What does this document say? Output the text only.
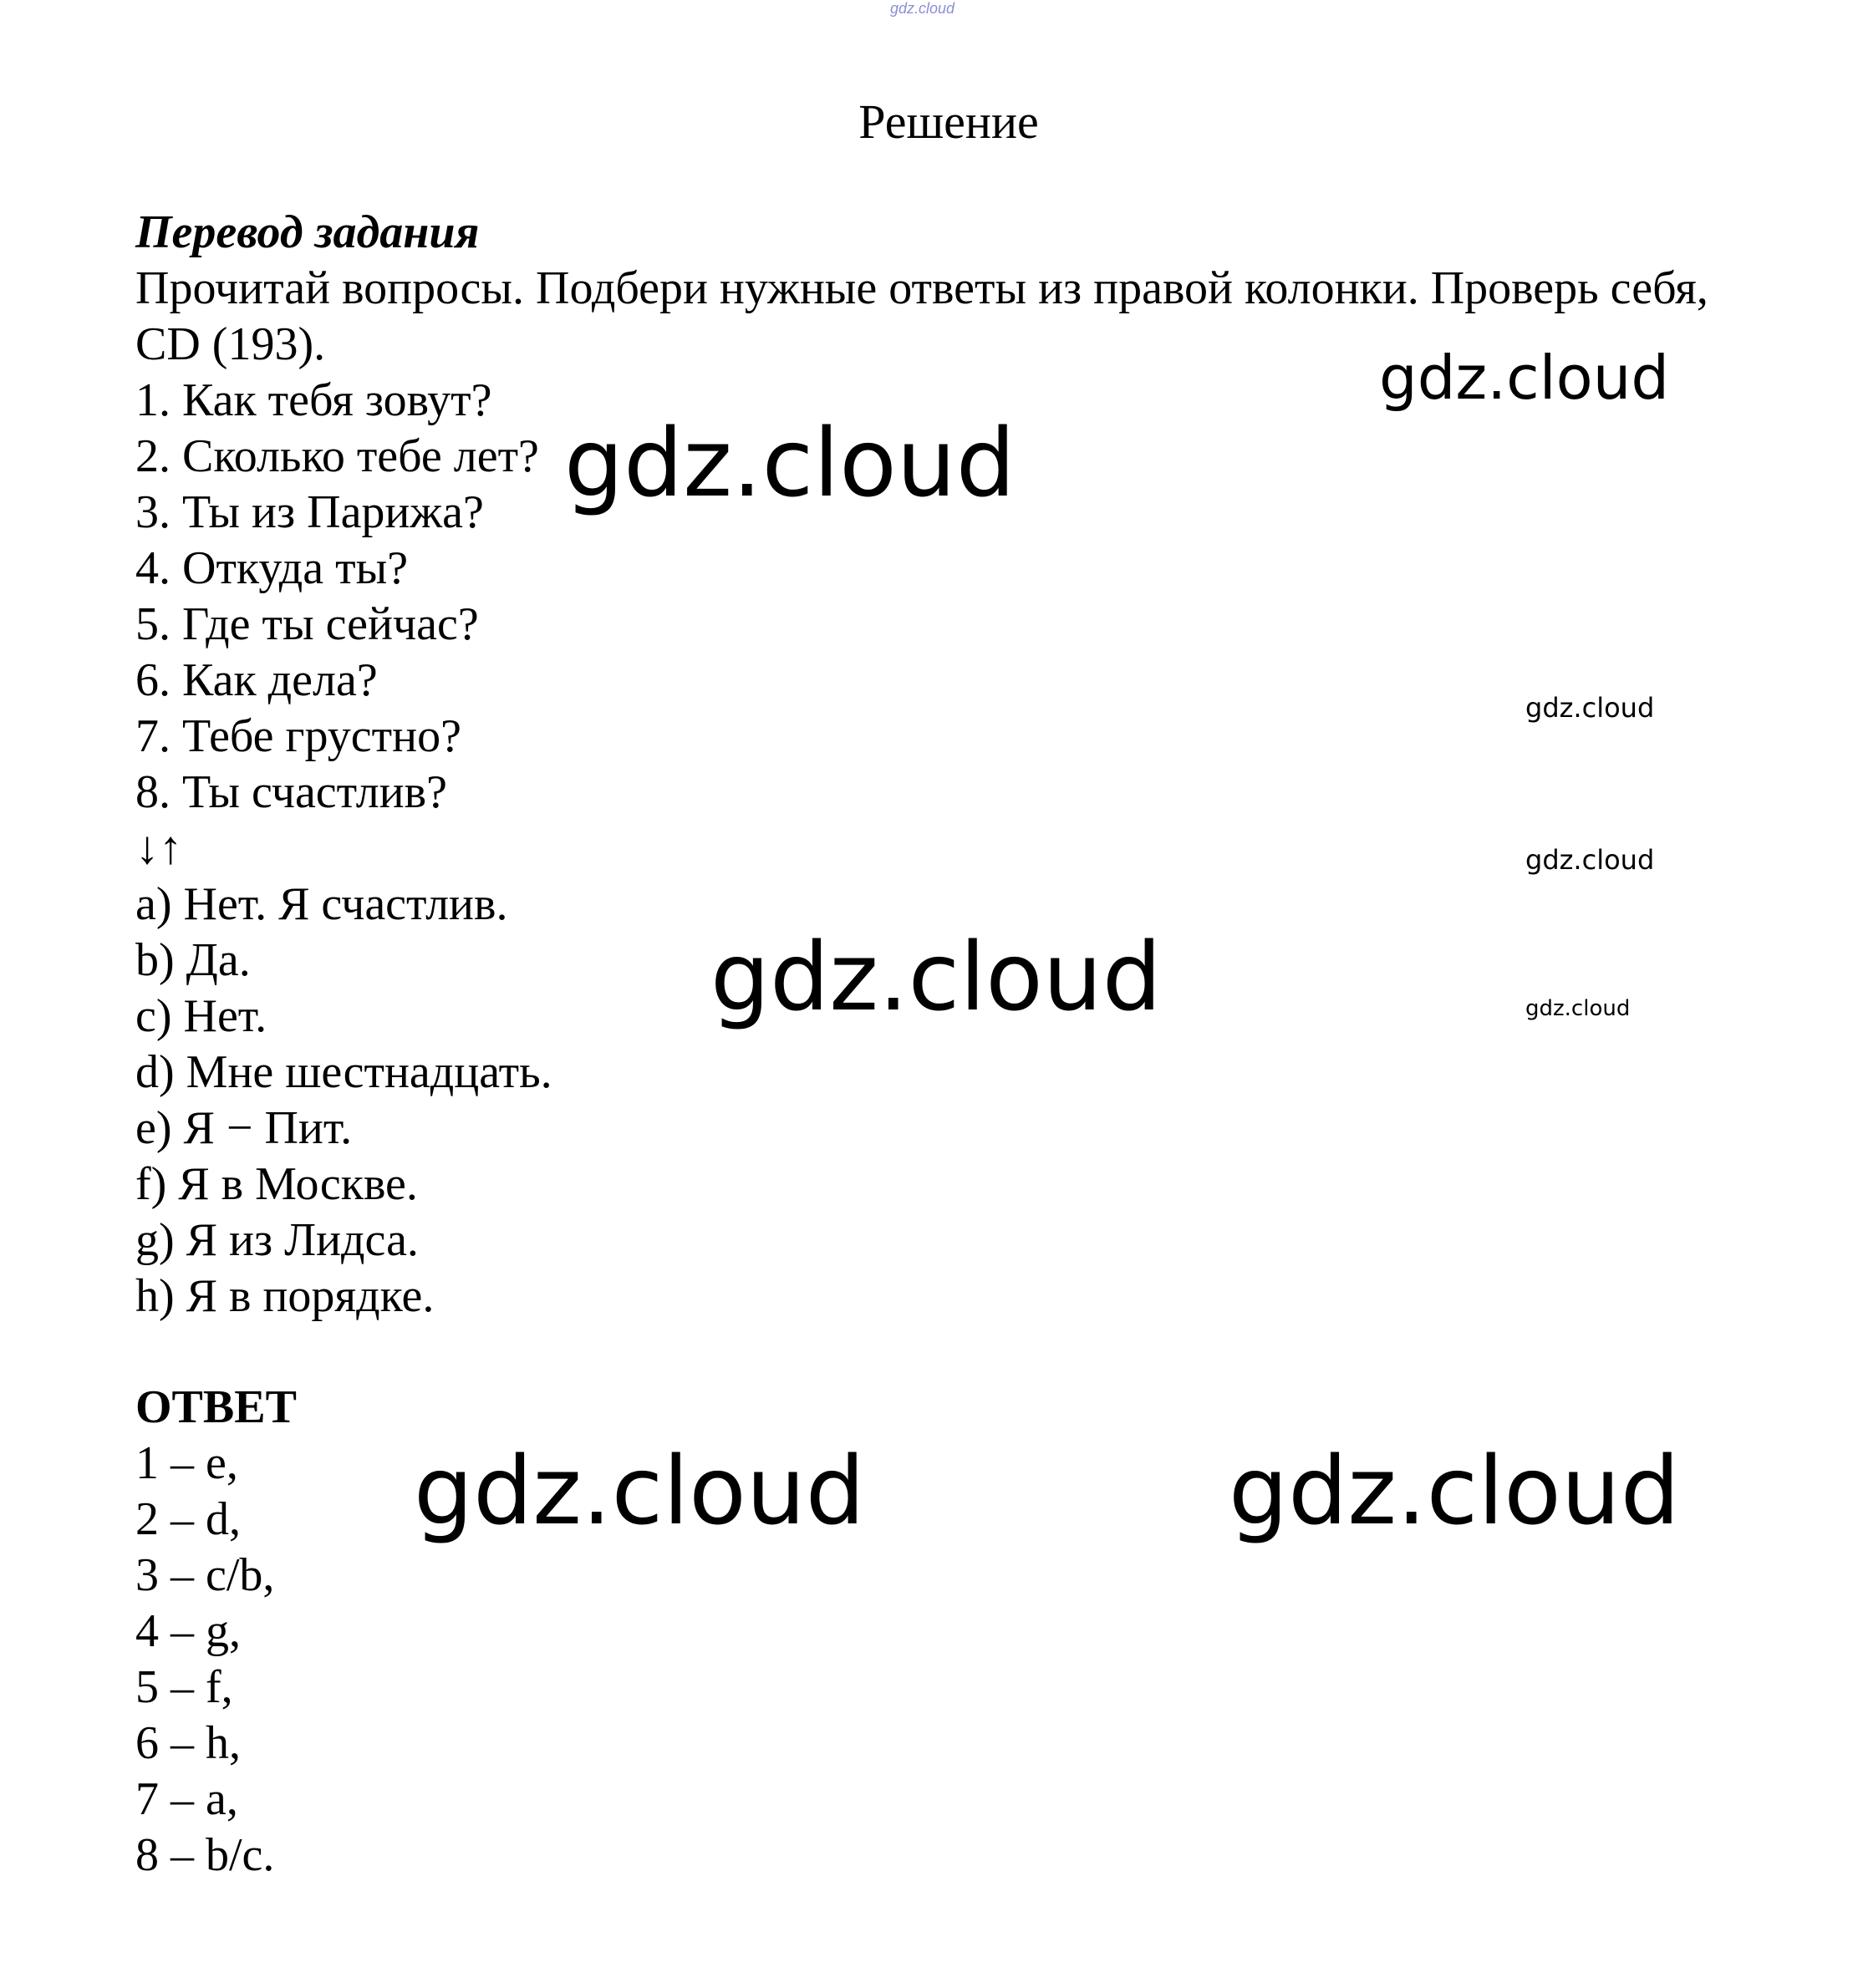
gdz.cloud
Решение
Перевод задания
Прочитай вопросы. Подбери нужные ответы из правой колонки. Проверь себя, CD (193).
1. Как тебя зовут?
2. Сколько тебе лет?
3. Ты из Парижа?
4. Откуда ты?
5. Где ты сейчас?
6. Как дела?
7. Тебе грустно?
8. Ты счастлив?
↓↑
a) Нет. Я счастлив.
b) Да.
c) Нет.
d) Мне шестнадцать.
e) Я − Пит.
f) Я в Москве.
g) Я из Лидса.
h) Я в порядке.
ОТВЕТ
1 – e,
2 – d,
3 – c/b,
4 – g,
5 – f,
6 – h,
7 – a,
8 – b/c.
gdz.cloud
gdz.cloud
gdz.cloud
gdz.cloud
gdz.cloud	gdz.cloud
gdz.cloud	gdz.cloud
